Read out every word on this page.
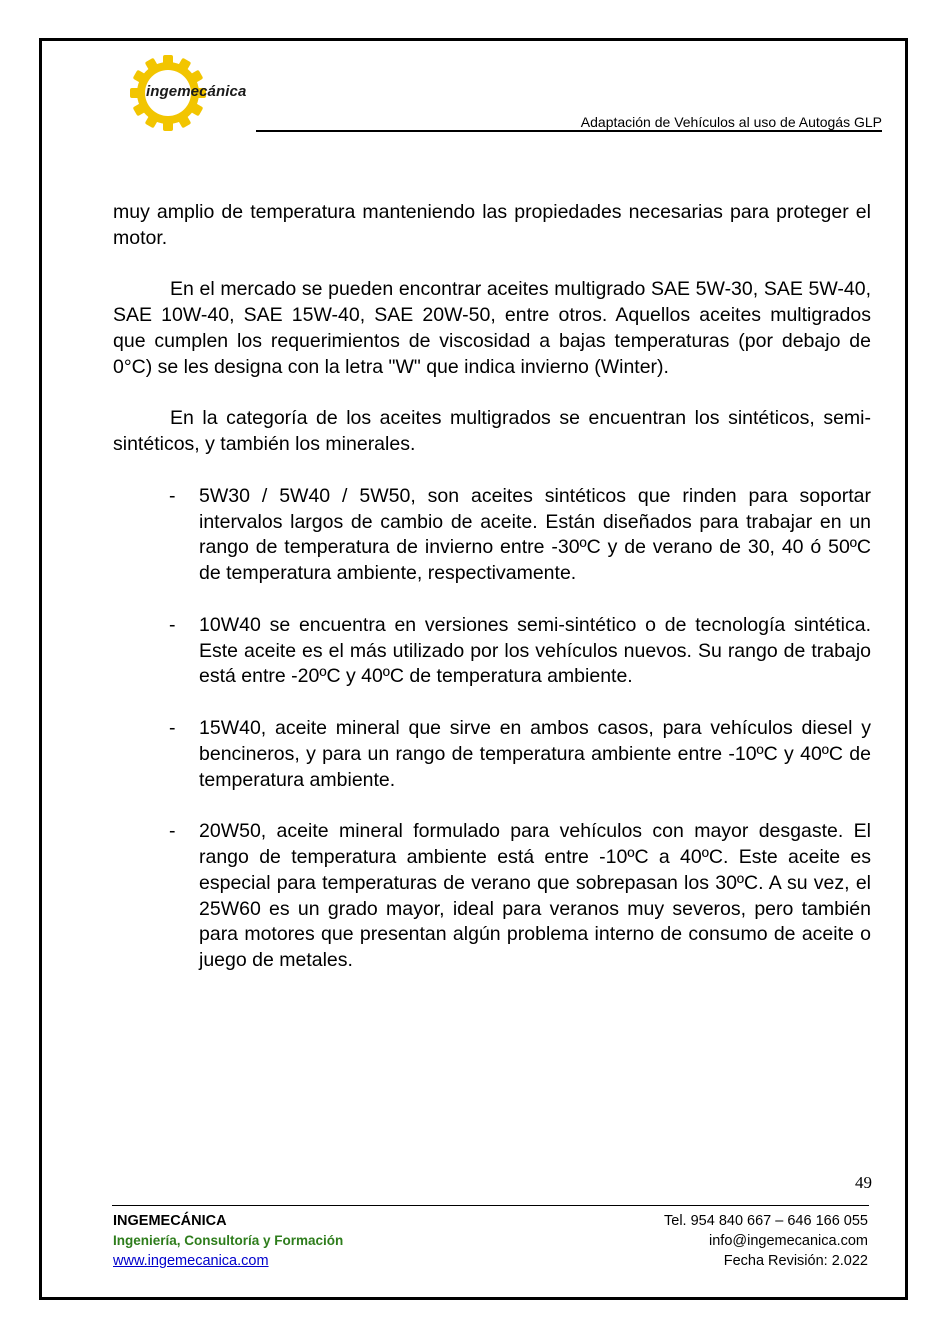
ingemecánica
Adaptación de Vehículos al uso de Autogás GLP

muy amplio de temperatura manteniendo las propiedades necesarias para proteger el motor.

En el mercado se pueden encontrar aceites multigrado SAE 5W-30, SAE 5W-40, SAE 10W-40, SAE 15W-40, SAE 20W-50, entre otros. Aquellos aceites multigrados que cumplen los requerimientos de viscosidad a bajas temperaturas (por debajo de 0°C) se les designa con la letra "W" que indica invierno (Winter).

En la categoría de los aceites multigrados se encuentran los sintéticos, semi-sintéticos, y también los minerales.

- 5W30 / 5W40 / 5W50, son aceites sintéticos que rinden para soportar intervalos largos de cambio de aceite. Están diseñados para trabajar en un rango de temperatura de invierno entre -30ºC y de verano de 30, 40 ó 50ºC de temperatura ambiente, respectivamente.
- 10W40 se encuentra en versiones semi-sintético o de tecnología sintética. Este aceite es el más utilizado por los vehículos nuevos. Su rango de trabajo está entre -20ºC y 40ºC de temperatura ambiente.
- 15W40, aceite mineral que sirve en ambos casos, para vehículos diesel y bencineros, y para un rango de temperatura ambiente entre -10ºC y 40ºC de temperatura ambiente.
- 20W50, aceite mineral formulado para vehículos con mayor desgaste. El rango de temperatura ambiente está entre -10ºC a 40ºC. Este aceite es especial para temperaturas de verano que sobrepasan los 30ºC. A su vez, el 25W60 es un grado mayor, ideal para veranos muy severos, pero también para motores que presentan algún problema interno de consumo de aceite o juego de metales.
49
INGEMECÁNICA
Ingeniería, Consultoría y Formación
www.ingemecanica.com
Tel. 954 840 667 – 646 166 055
info@ingemecanica.com
Fecha Revisión: 2.022
